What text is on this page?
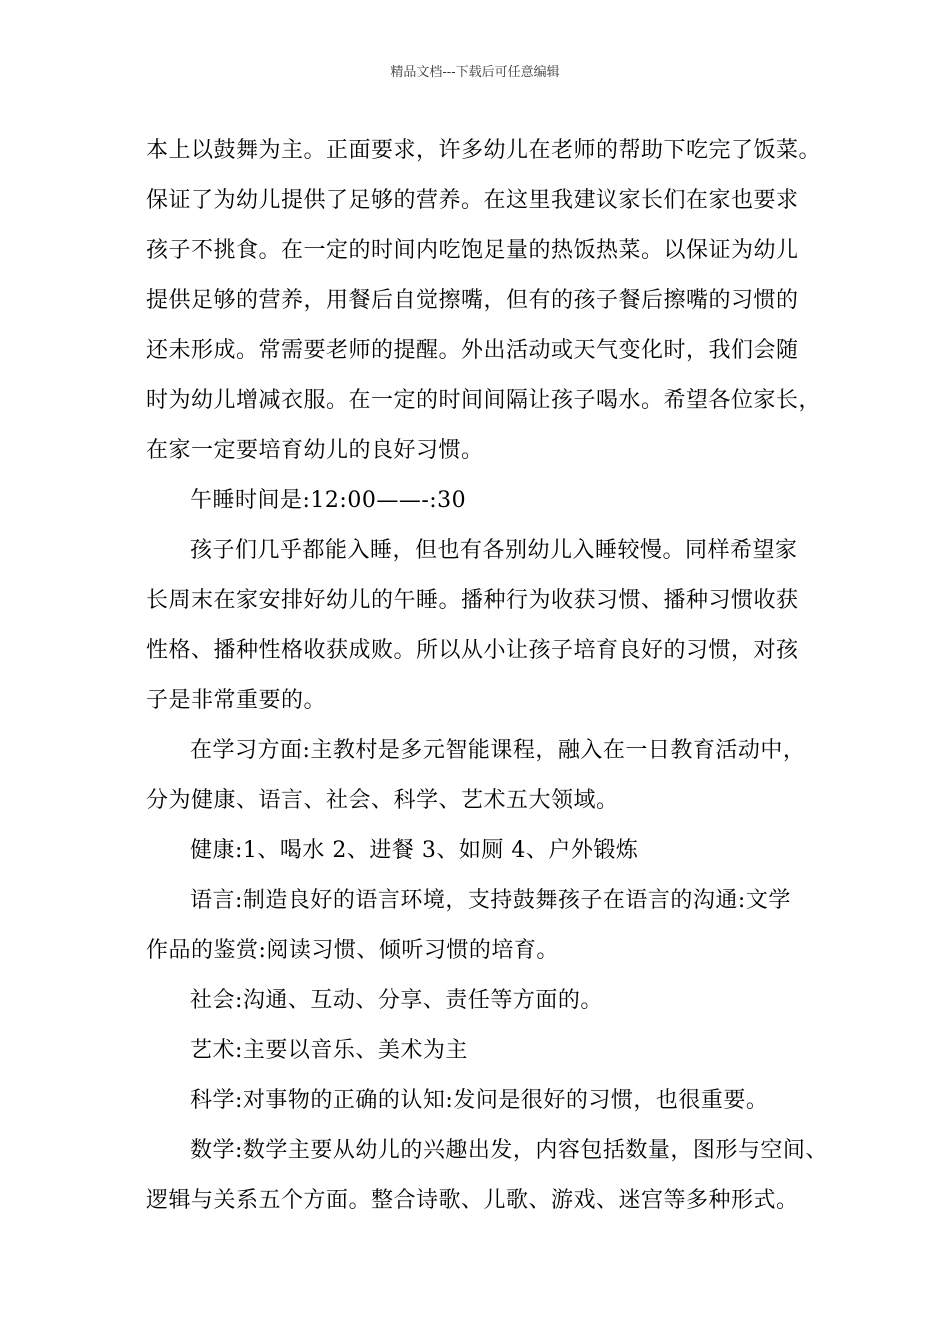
精品文档---下载后可任意编辑
本上以鼓舞为主。正面要求，许多幼儿在老师的帮助下吃完了饭菜。
保证了为幼儿提供了足够的营养。在这里我建议家长们在家也要求
孩子不挑食。在一定的时间内吃饱足量的热饭热菜。以保证为幼儿
提供足够的营养，用餐后自觉擦嘴，但有的孩子餐后擦嘴的习惯的
还未形成。常需要老师的提醒。外出活动或天气变化时，我们会随
时为幼儿增减衣服。在一定的时间间隔让孩子喝水。希望各位家长，
在家一定要培育幼儿的良好习惯。
午睡时间是:12:00——-:30
孩子们几乎都能入睡，但也有各别幼儿入睡较慢。同样希望家
长周末在家安排好幼儿的午睡。播种行为收获习惯、播种习惯收获
性格、播种性格收获成败。所以从小让孩子培育良好的习惯，对孩
子是非常重要的。
在学习方面:主教村是多元智能课程，融入在一日教育活动中，
分为健康、语言、社会、科学、艺术五大领域。
健康:1、喝水 2、进餐 3、如厕 4、户外锻炼
语言:制造良好的语言环境，支持鼓舞孩子在语言的沟通:文学
作品的鉴赏:阅读习惯、倾听习惯的培育。
社会:沟通、互动、分享、责任等方面的。
艺术:主要以音乐、美术为主
科学:对事物的正确的认知:发问是很好的习惯，也很重要。
数学:数学主要从幼儿的兴趣出发，内容包括数量，图形与空间、
逻辑与关系五个方面。整合诗歌、儿歌、游戏、迷宫等多种形式。
